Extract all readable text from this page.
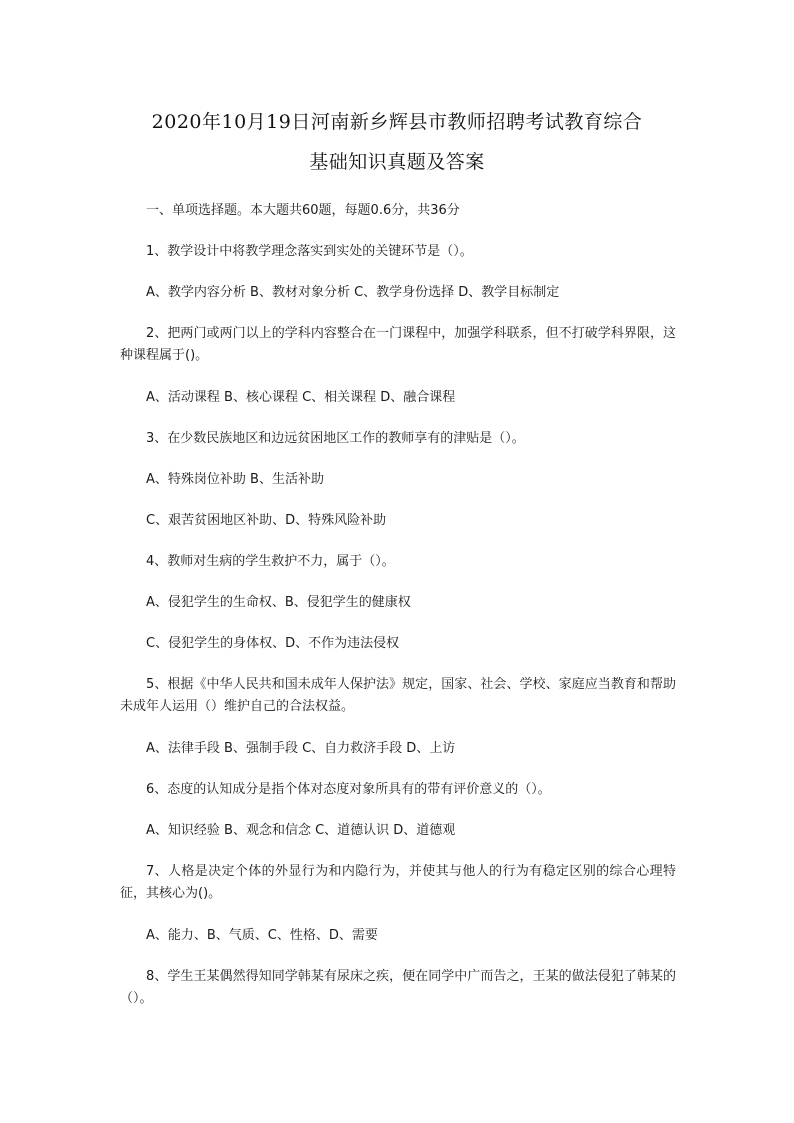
2020年10月19日河南新乡辉县市教师招聘考试教育综合
基础知识真题及答案

一、单项选择题。本大题共60题，每题0.6分，共36分

1、教学设计中将教学理念落实到实处的关键环节是（）。

A、教学内容分析 B、教材对象分析 C、教学身份选择 D、教学目标制定

2、把两门或两门以上的学科内容整合在一门课程中，加强学科联系，但不打破学科界限，这种课程属于()。

A、活动课程 B、核心课程 C、相关课程 D、融合课程

3、在少数民族地区和边远贫困地区工作的教师享有的津贴是（）。

A、特殊岗位补助 B、生活补助

C、艰苦贫困地区补助、D、特殊风险补助

4、教师对生病的学生救护不力，属于（）。

A、侵犯学生的生命权、B、侵犯学生的健康权

C、侵犯学生的身体权、D、不作为违法侵权

5、根据《中华人民共和国未成年人保护法》规定，国家、社会、学校、家庭应当教育和帮助未成年人运用（）维护自己的合法权益。

A、法律手段 B、强制手段 C、自力救济手段 D、上访

6、态度的认知成分是指个体对态度对象所具有的带有评价意义的（）。

A、知识经验 B、观念和信念 C、道德认识 D、道德观

7、人格是决定个体的外显行为和内隐行为，并使其与他人的行为有稳定区别的综合心理特征，其核心为()。

A、能力、B、气质、C、性格、D、需要

8、学生王某偶然得知同学韩某有尿床之疾，便在同学中广而告之，王某的做法侵犯了韩某的（）。
